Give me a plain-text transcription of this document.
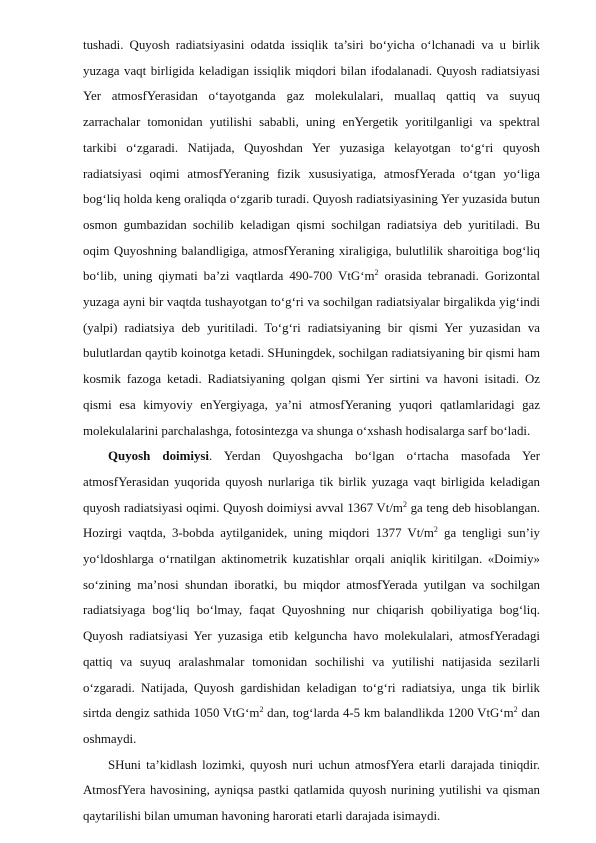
tushadi. Quyosh radiatsiyasini odatda issiqlik ta’siri bo‘yicha o‘lchanadi va u birlik yuzaga vaqt birligida keladigan issiqlik miqdori bilan ifodalanadi. Quyosh radiatsiyasi Yer atmosfYerasidan o‘tayotganda gaz molekulalari, muallaq qattiq va suyuq zarrachalar tomonidan yutilishi sababli, uning enYergetik yoritilganligi va spektral tarkibi o‘zgaradi. Natijada, Quyoshdan Yer yuzasiga kelayotgan to‘g‘ri quyosh radiatsiyasi oqimi atmosfYeraning fizik xususiyatiga, atmosfYerada o‘tgan yo‘liga bog‘liq holda keng oraliqda o‘zgarib turadi. Quyosh radiatsiyasining Yer yuzasida butun osmon gumbazidan sochilib keladigan qismi sochilgan radiatsiya deb yuritiladi. Bu oqim Quyoshning balandligiga, atmosfYeraning xiraligiga, bulutlilik sharoitiga bog‘liq bo‘lib, uning qiymati ba’zi vaqtlarda 490-700 $VtG‘m^2$ orasida tebranadi. Gorizontal yuzaga ayni bir vaqtda tushayotgan to‘g‘ri va sochilgan radiatsiyalar birgalikda yig‘indi (yalpi) radiatsiya deb yuritiladi. To‘g‘ri radiatsiyaning bir qismi Yer yuzasidan va bulutlardan qaytib koinotga ketadi. SHuningdek, sochilgan radiatsiyaning bir qismi ham kosmik fazoga ketadi. Radiatsiyaning qolgan qismi Yer sirtini va havoni isitadi. Oz qismi esa kimyoviy enYergiyaga, ya’ni atmosfYeraning yuqori qatlamlaridagi gaz molekulalarini parchalashga, fotosintezga va shunga o‘xshash hodisalarga sarf bo‘ladi.

Quyosh doimiysi. Yerdan Quyoshgacha bo‘lgan o‘rtacha masofada Yer atmosfYerasidan yuqorida quyosh nurlariga tik birlik yuzaga vaqt birligida keladigan quyosh radiatsiyasi oqimi. Quyosh doimiysi avval 1367 $Vt/m^2$ ga teng deb hisoblangan. Hozirgi vaqtda, 3-bobda aytilganidek, uning miqdori 1377 $Vt/m^2$ ga tengligi sun’iy yo‘ldoshlarga o‘rnatilgan aktinometrik kuzatishlar orqali aniqlik kiritilgan. «Doimiy» so‘zining ma’nosi shundan iboratki, bu miqdor atmosfYerada yutilgan va sochilgan radiatsiyaga bog‘liq bo‘lmay, faqat Quyoshning nur chiqarish qobiliyatiga bog‘liq. Quyosh radiatsiyasi Yer yuzasiga etib kelguncha havo molekulalari, atmosfYeradagi qattiq va suyuq aralashmalar tomonidan sochilishi va yutilishi natijasida sezilarli o‘zgaradi. Natijada, Quyosh gardishidan keladigan to‘g‘ri radiatsiya, unga tik birlik sirtda dengiz sathida 1050 $VtG‘m^2$ dan, tog‘larda 4-5 km balandlikda 1200 $VtG‘m^2$ dan oshmaydi.

SHuni ta’kidlash lozimki, quyosh nuri uchun atmosfYera etarli darajada tiniqdir. AtmosfYera havosining, ayniqsa pastki qatlamida quyosh nurining yutilishi va qisman qaytarilishi bilan umuman havoning harorati etarli darajada isimaydi.
